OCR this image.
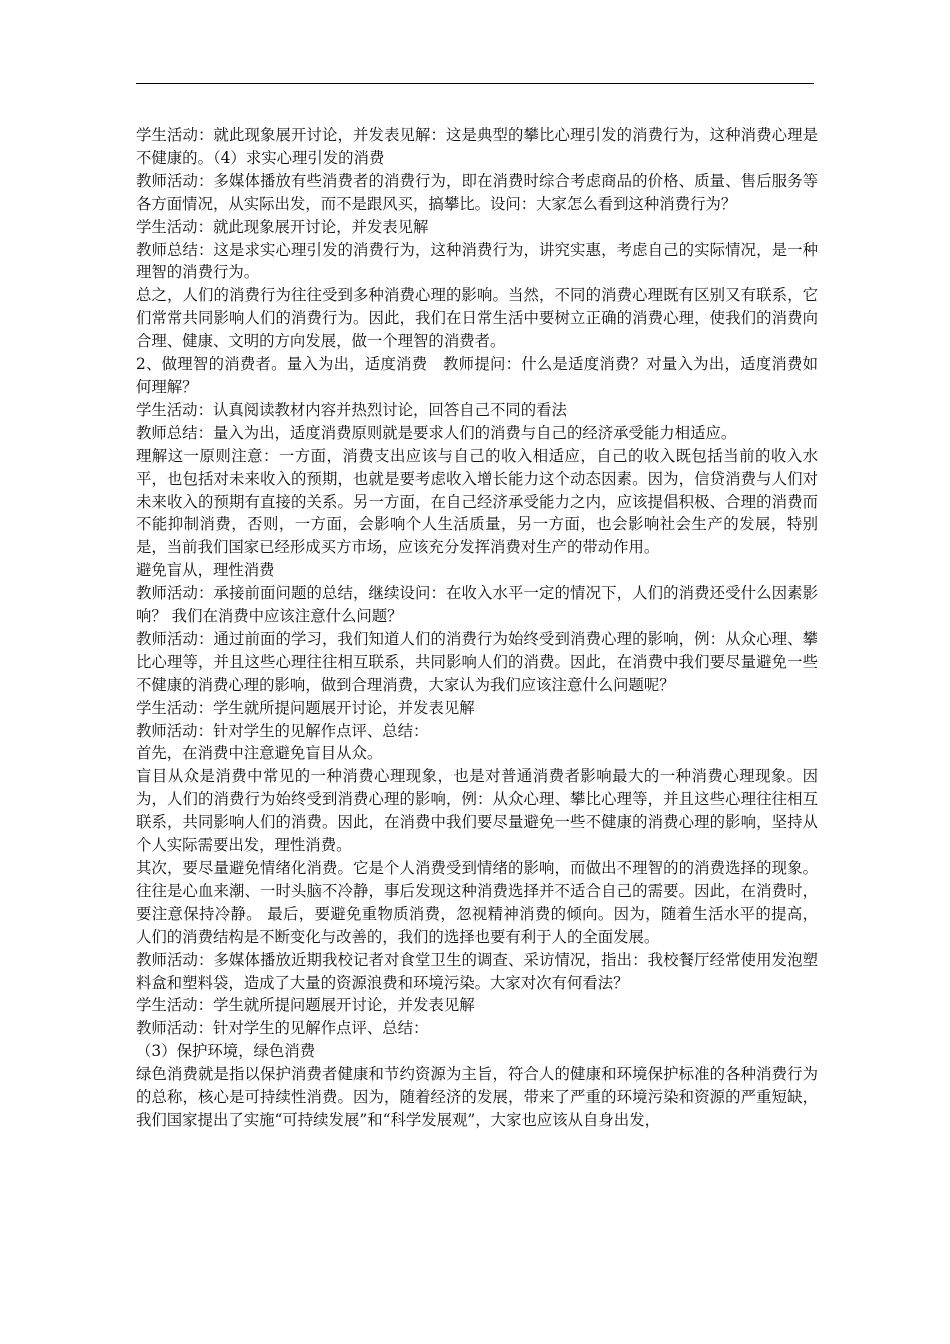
学生活动：就此现象展开讨论，并发表见解：这是典型的攀比心理引发的消费行为，这种消费心理是不健康的。（4）求实心理引发的消费

教师活动：多媒体播放有些消费者的消费行为，即在消费时综合考虑商品的价格、质量、售后服务等各方面情况，从实际出发，而不是跟风买，搞攀比。设问：大家怎么看到这种消费行为？

学生活动：就此现象展开讨论，并发表见解

教师总结：这是求实心理引发的消费行为，这种消费行为，讲究实惠，考虑自己的实际情况，是一种理智的消费行为。

总之，人们的消费行为往往受到多种消费心理的影响。当然，不同的消费心理既有区别又有联系，它们常常共同影响人们的消费行为。因此，我们在日常生活中要树立正确的消费心理，使我们的消费向合理、健康、文明的方向发展，做一个理智的消费者。

2、做理智的消费者。量入为出，适度消费　教师提问：什么是适度消费？对量入为出，适度消费如何理解？

学生活动：认真阅读教材内容并热烈讨论，回答自己不同的看法

教师总结：量入为出，适度消费原则就是要求人们的消费与自己的经济承受能力相适应。

理解这一原则注意：一方面，消费支出应该与自己的收入相适应，自己的收入既包括当前的收入水平，也包括对未来收入的预期，也就是要考虑收入增长能力这个动态因素。因为，信贷消费与人们对未来收入的预期有直接的关系。另一方面，在自己经济承受能力之内，应该提倡积极、合理的消费而不能抑制消费，否则，一方面，会影响个人生活质量，另一方面，也会影响社会生产的发展，特别是，当前我们国家已经形成买方市场，应该充分发挥消费对生产的带动作用。

避免盲从，理性消费

教师活动：承接前面问题的总结，继续设问：在收入水平一定的情况下，人们的消费还受什么因素影响？ 我们在消费中应该注意什么问题？

教师活动：通过前面的学习，我们知道人们的消费行为始终受到消费心理的影响，例：从众心理、攀比心理等，并且这些心理往往相互联系，共同影响人们的消费。因此，在消费中我们要尽量避免一些不健康的消费心理的影响，做到合理消费，大家认为我们应该注意什么问题呢？

学生活动：学生就所提问题展开讨论，并发表见解

教师活动：针对学生的见解作点评、总结：

首先，在消费中注意避免盲目从众。

盲目从众是消费中常见的一种消费心理现象，也是对普通消费者影响最大的一种消费心理现象。因为，人们的消费行为始终受到消费心理的影响，例：从众心理、攀比心理等，并且这些心理往往相互联系，共同影响人们的消费。因此，在消费中我们要尽量避免一些不健康的消费心理的影响，坚持从个人实际需要出发，理性消费。

其次，要尽量避免情绪化消费。它是个人消费受到情绪的影响，而做出不理智的的消费选择的现象。往往是心血来潮、一时头脑不冷静，事后发现这种消费选择并不适合自己的需要。因此，在消费时，要注意保持冷静。 最后，要避免重物质消费，忽视精神消费的倾向。因为，随着生活水平的提高，人们的消费结构是不断变化与改善的，我们的选择也要有利于人的全面发展。

教师活动：多媒体播放近期我校记者对食堂卫生的调查、采访情况，指出：我校餐厅经常使用发泡塑料盒和塑料袋，造成了大量的资源浪费和环境污染。大家对次有何看法？

学生活动：学生就所提问题展开讨论，并发表见解

教师活动：针对学生的见解作点评、总结：

（3）保护环境，绿色消费

绿色消费就是指以保护消费者健康和节约资源为主旨，符合人的健康和环境保护标准的各种消费行为的总称，核心是可持续性消费。因为，随着经济的发展，带来了严重的环境污染和资源的严重短缺，我们国家提出了实施“可持续发展”和“科学发展观”，大家也应该从自身出发，
